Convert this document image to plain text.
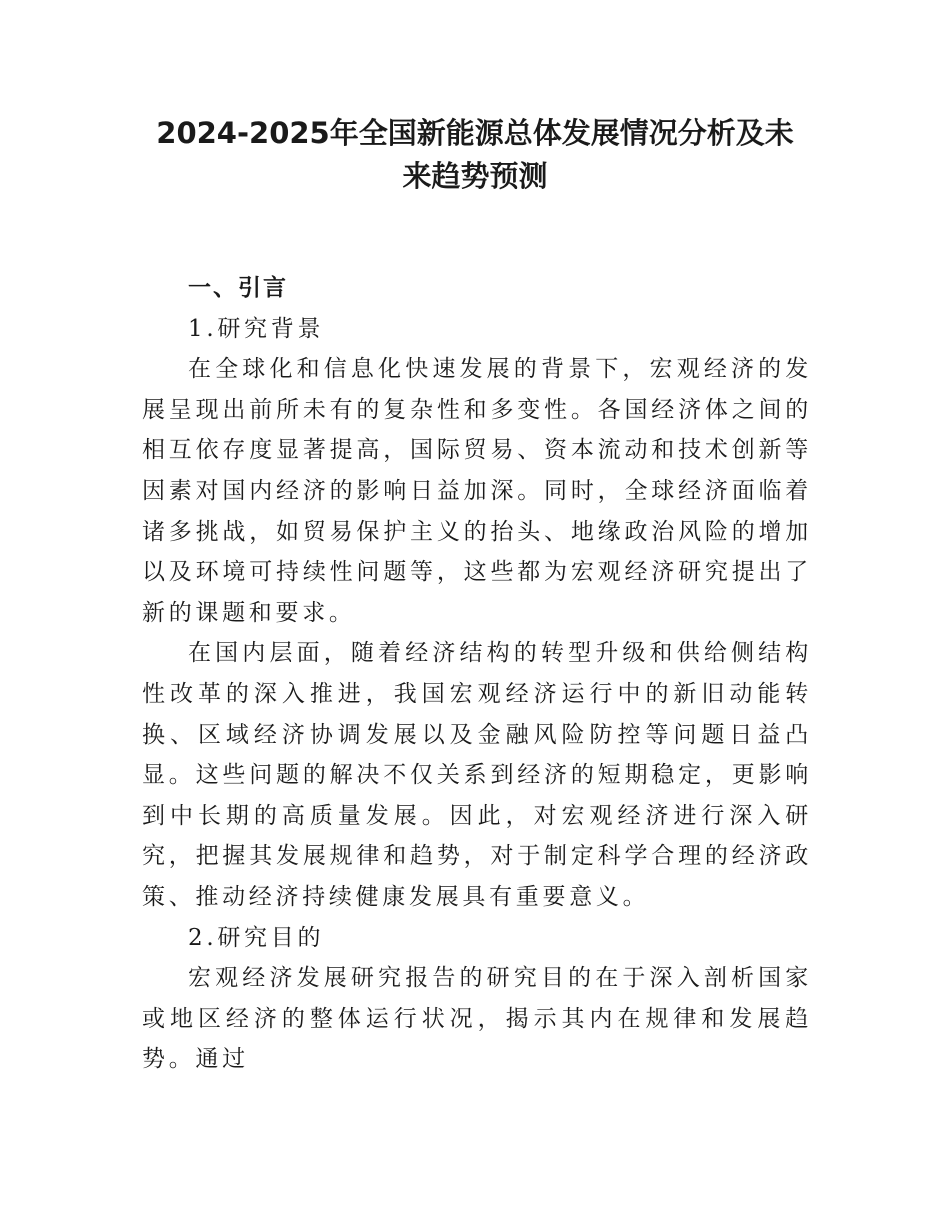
2024-2025年全国新能源总体发展情况分析及未
来趋势预测

一、引言

1.研究背景

在全球化和信息化快速发展的背景下，宏观经济的发展呈现出前所未有的复杂性和多变性。各国经济体之间的相互依存度显著提高，国际贸易、资本流动和技术创新等因素对国内经济的影响日益加深。同时，全球经济面临着诸多挑战，如贸易保护主义的抬头、地缘政治风险的增加以及环境可持续性问题等，这些都为宏观经济研究提出了新的课题和要求。

在国内层面，随着经济结构的转型升级和供给侧结构性改革的深入推进，我国宏观经济运行中的新旧动能转换、区域经济协调发展以及金融风险防控等问题日益凸显。这些问题的解决不仅关系到经济的短期稳定，更影响到中长期的高质量发展。因此，对宏观经济进行深入研究，把握其发展规律和趋势，对于制定科学合理的经济政策、推动经济持续健康发展具有重要意义。

2.研究目的

宏观经济发展研究报告的研究目的在于深入剖析国家或地区经济的整体运行状况，揭示其内在规律和发展趋势。通过
